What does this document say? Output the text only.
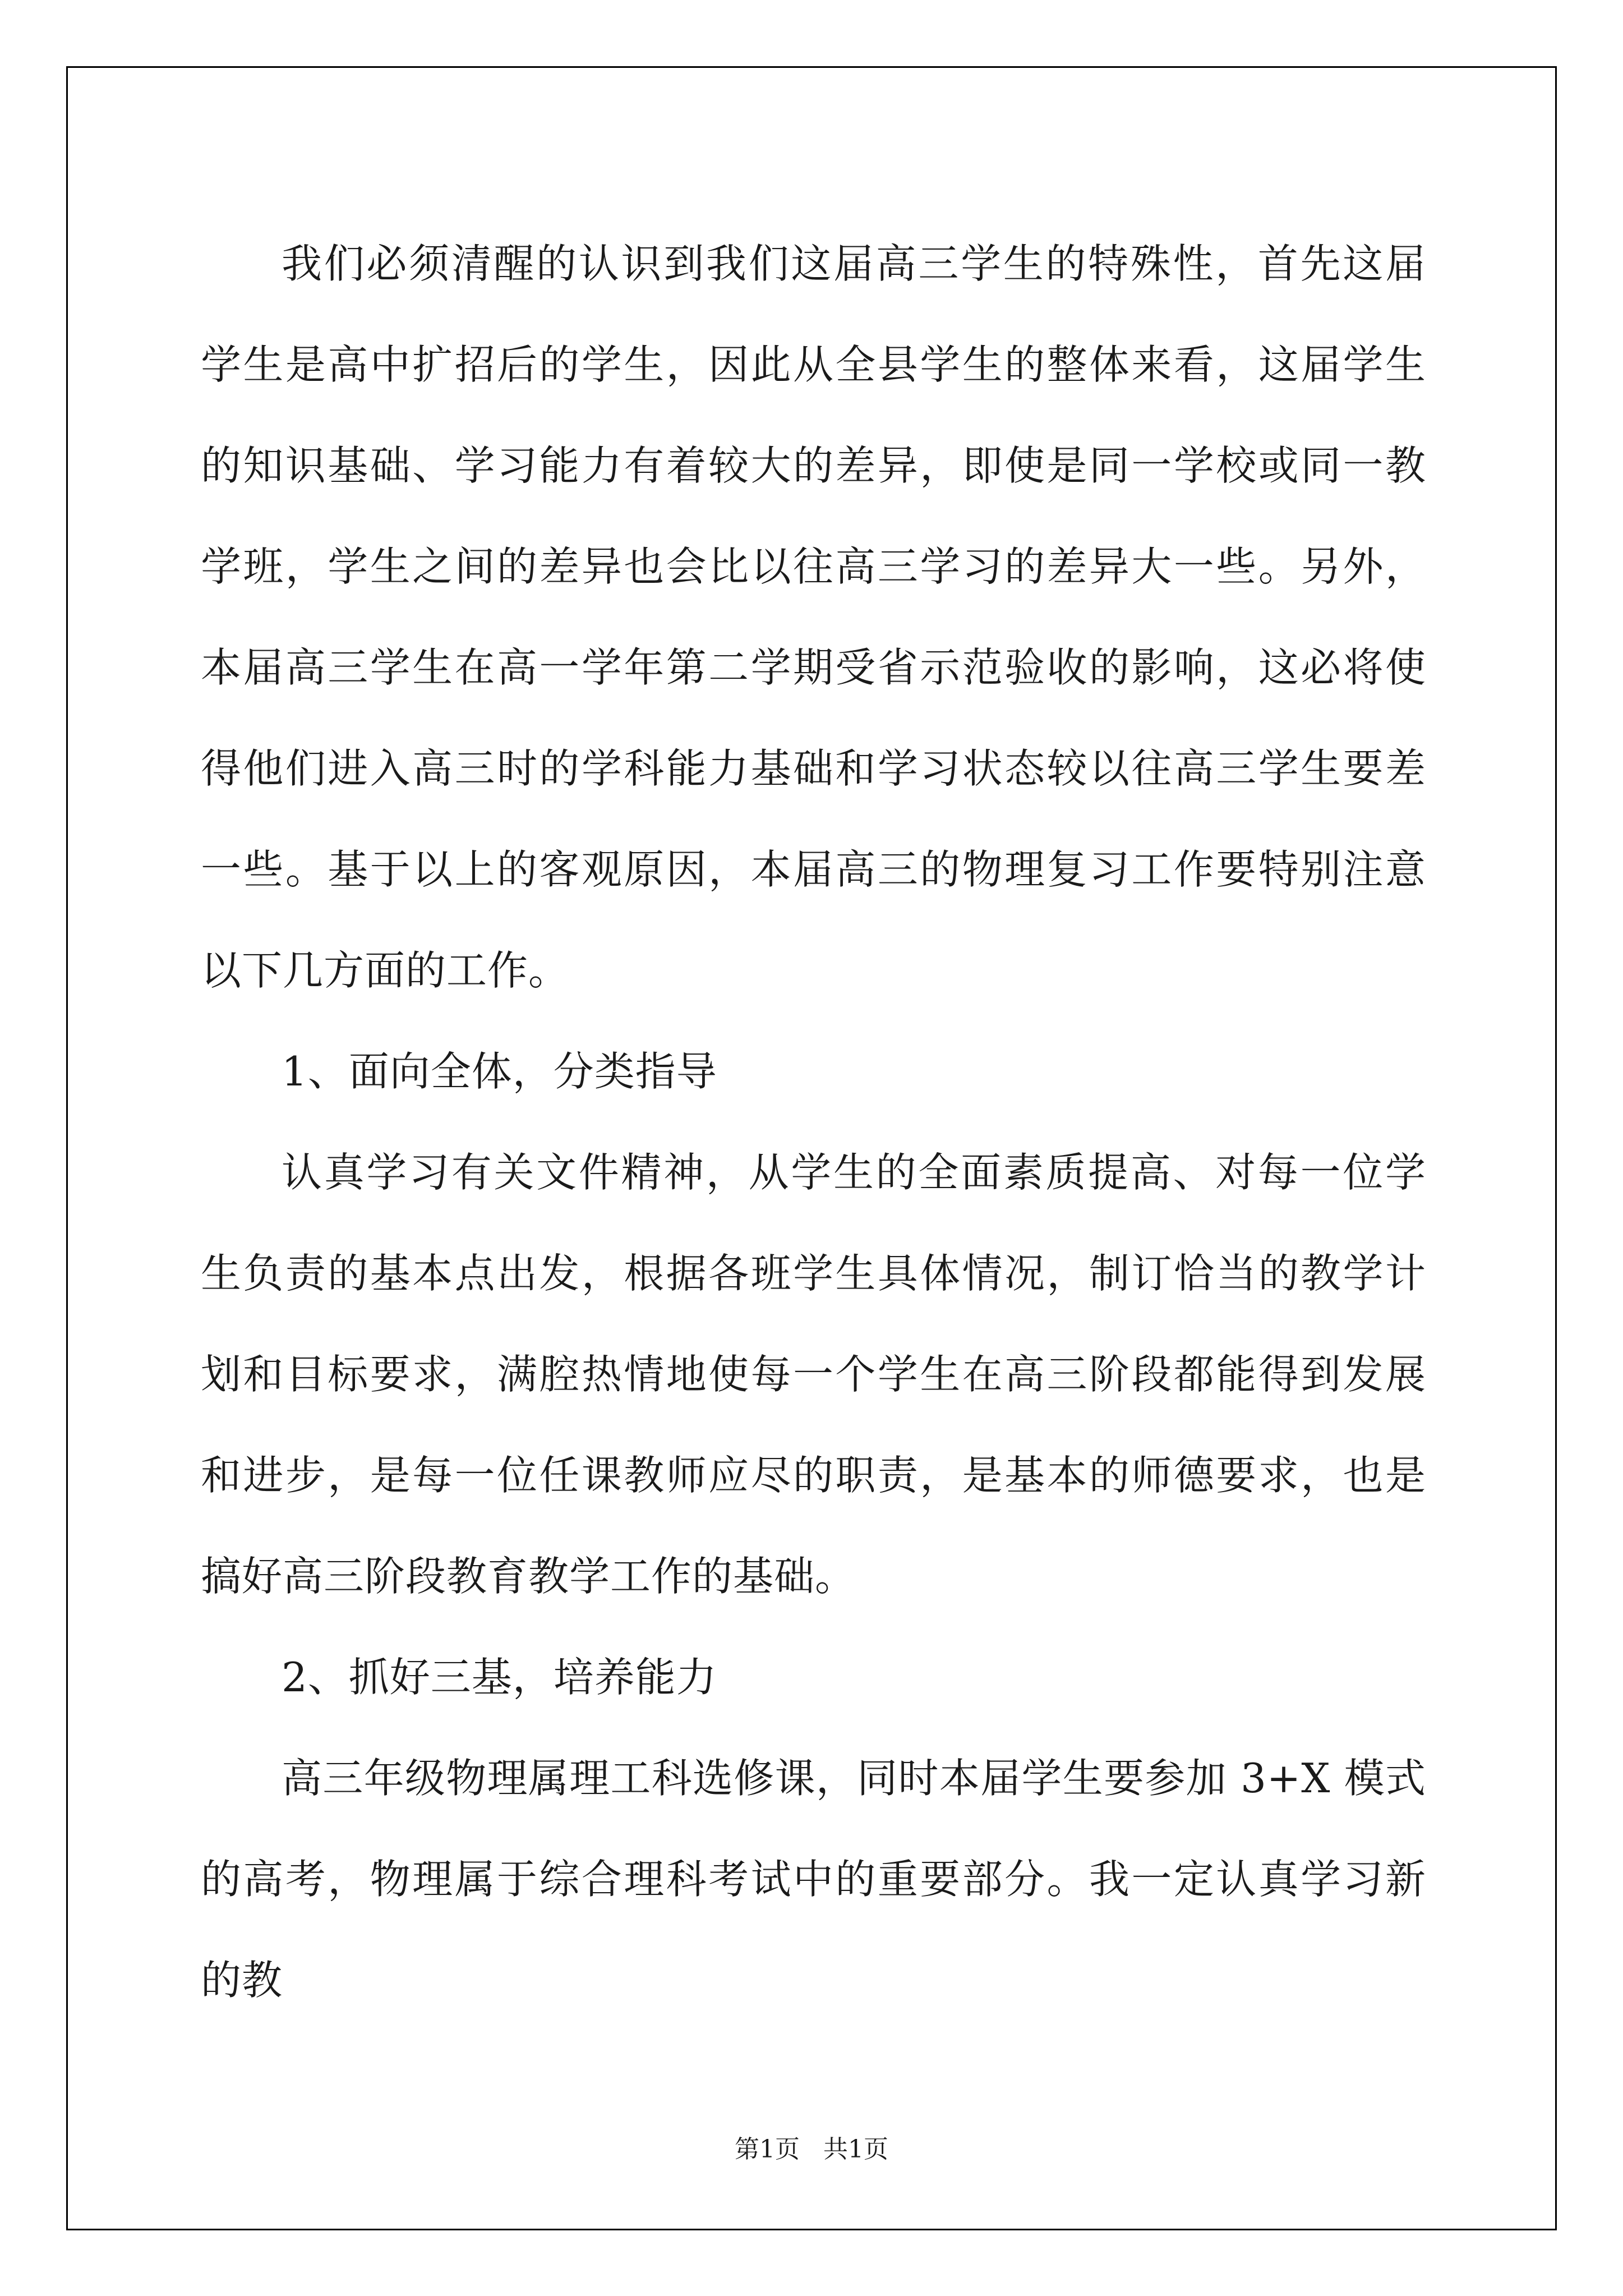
我们必须清醒的认识到我们这届高三学生的特殊性，首先这届学生是高中扩招后的学生，因此从全县学生的整体来看，这届学生的知识基础、学习能力有着较大的差异，即使是同一学校或同一教学班，学生之间的差异也会比以往高三学习的差异大一些。另外，本届高三学生在高一学年第二学期受省示范验收的影响，这必将使得他们进入高三时的学科能力基础和学习状态较以往高三学生要差一些。基于以上的客观原因，本届高三的物理复习工作要特别注意以下几方面的工作。

1、面向全体，分类指导

认真学习有关文件精神，从学生的全面素质提高、对每一位学生负责的基本点出发，根据各班学生具体情况，制订恰当的教学计划和目标要求，满腔热情地使每一个学生在高三阶段都能得到发展和进步，是每一位任课教师应尽的职责，是基本的师德要求，也是搞好高三阶段教育教学工作的基础。

2、抓好三基，培养能力

高三年级物理属理工科选修课，同时本届学生要参加 3+X 模式的高考，物理属于综合理科考试中的重要部分。我一定认真学习新的教

第1页   共1页
